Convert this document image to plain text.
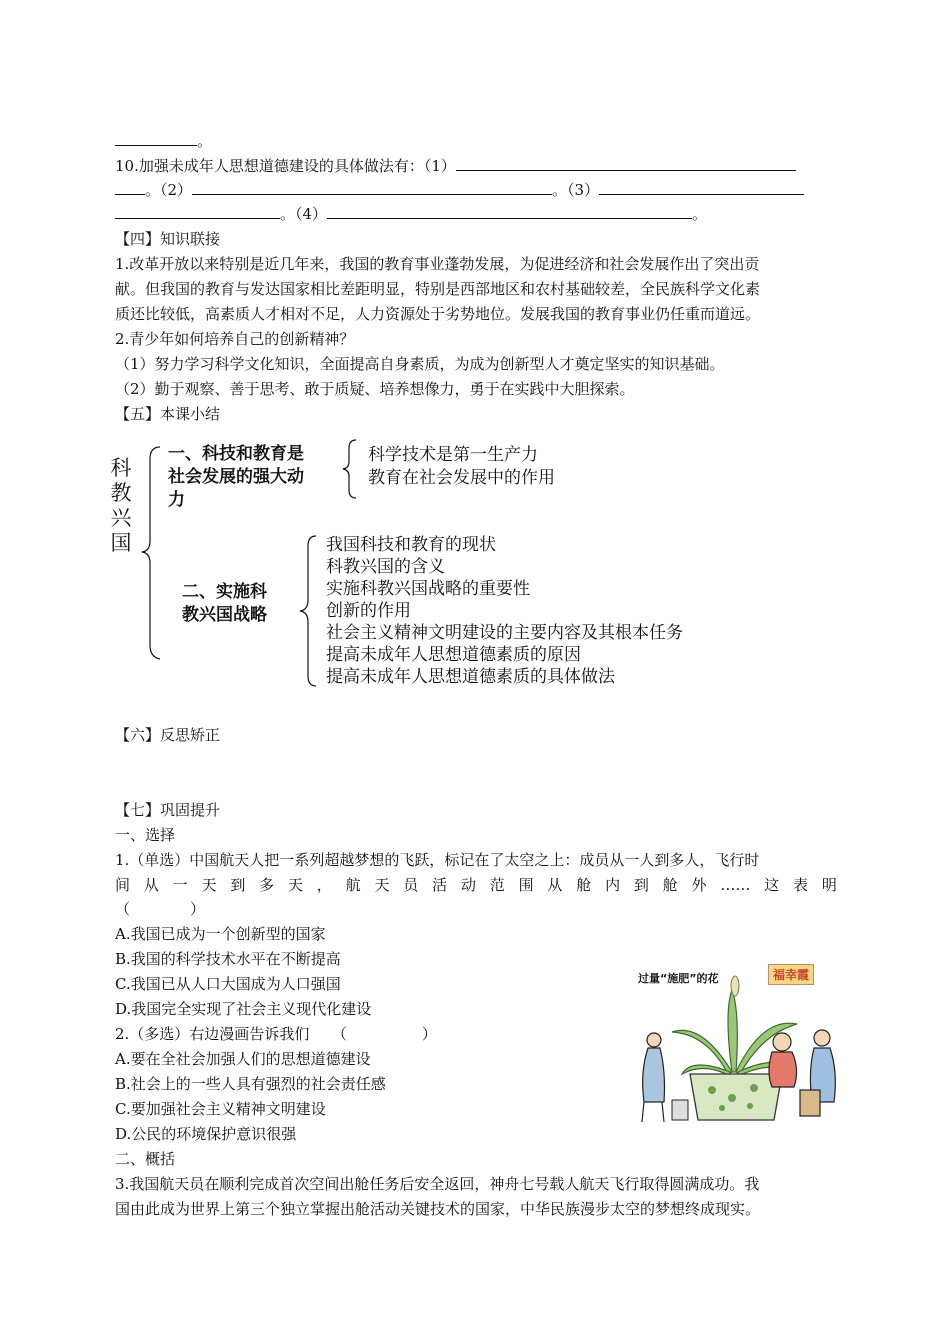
。
10.加强未成年人思想道德建设的具体做法有：（1）
。（2）	。（3）
。（4）	。
【四】知识联接
1.改革开放以来特别是近几年来，我国的教育事业蓬勃发展，为促进经济和社会发展作出了突出贡
献。但我国的教育与发达国家相比差距明显，特别是西部地区和农村基础较差，全民族科学文化素
质还比较低，高素质人才相对不足，人力资源处于劣势地位。发展我国的教育事业仍任重而道远。
2.青少年如何培养自己的创新精神？
（1）努力学习科学文化知识，全面提高自身素质，为成为创新型人才奠定坚实的知识基础。
（2）勤于观察、善于思考、敢于质疑、培养想像力，勇于在实践中大胆探索。
【五】本课小结
科
教
兴
国
一、科技和教育是
社会发展的强大动
力
科学技术是第一生产力
教育在社会发展中的作用
二、实施科
教兴国战略
我国科技和教育的现状
科教兴国的含义
实施科教兴国战略的重要性
创新的作用
社会主义精神文明建设的主要内容及其根本任务
提高未成年人思想道德素质的原因
提高未成年人思想道德素质的具体做法
【六】反思矫正
【七】巩固提升
一、选择
1.（单选）中国航天人把一系列超越梦想的飞跃，标记在了太空之上：成员从一人到多人，飞行时
间 从 一 天 到 多 天 ， 航 天 员 活 动 范 围 从 舱 内 到 舱 外 …… 这 表 明
（　　　　）
A.我国已成为一个创新型的国家
B.我国的科学技术水平在不断提高
C.我国已从人口大国成为人口强国
D.我国完全实现了社会主义现代化建设
2.（多选）右边漫画告诉我们　　（　　　　　）
A.要在全社会加强人们的思想道德建设
B.社会上的一些人具有强烈的社会责任感
C.要加强社会主义精神文明建设
D.公民的环境保护意识很强
二、概括
3.我国航天员在顺利完成首次空间出舱任务后安全返回，神舟七号载人航天飞行取得圆满成功。我
国由此成为世界上第三个独立掌握出舱活动关键技术的国家，中华民族漫步太空的梦想终成现实。
过量“施肥”的花	福幸霞
